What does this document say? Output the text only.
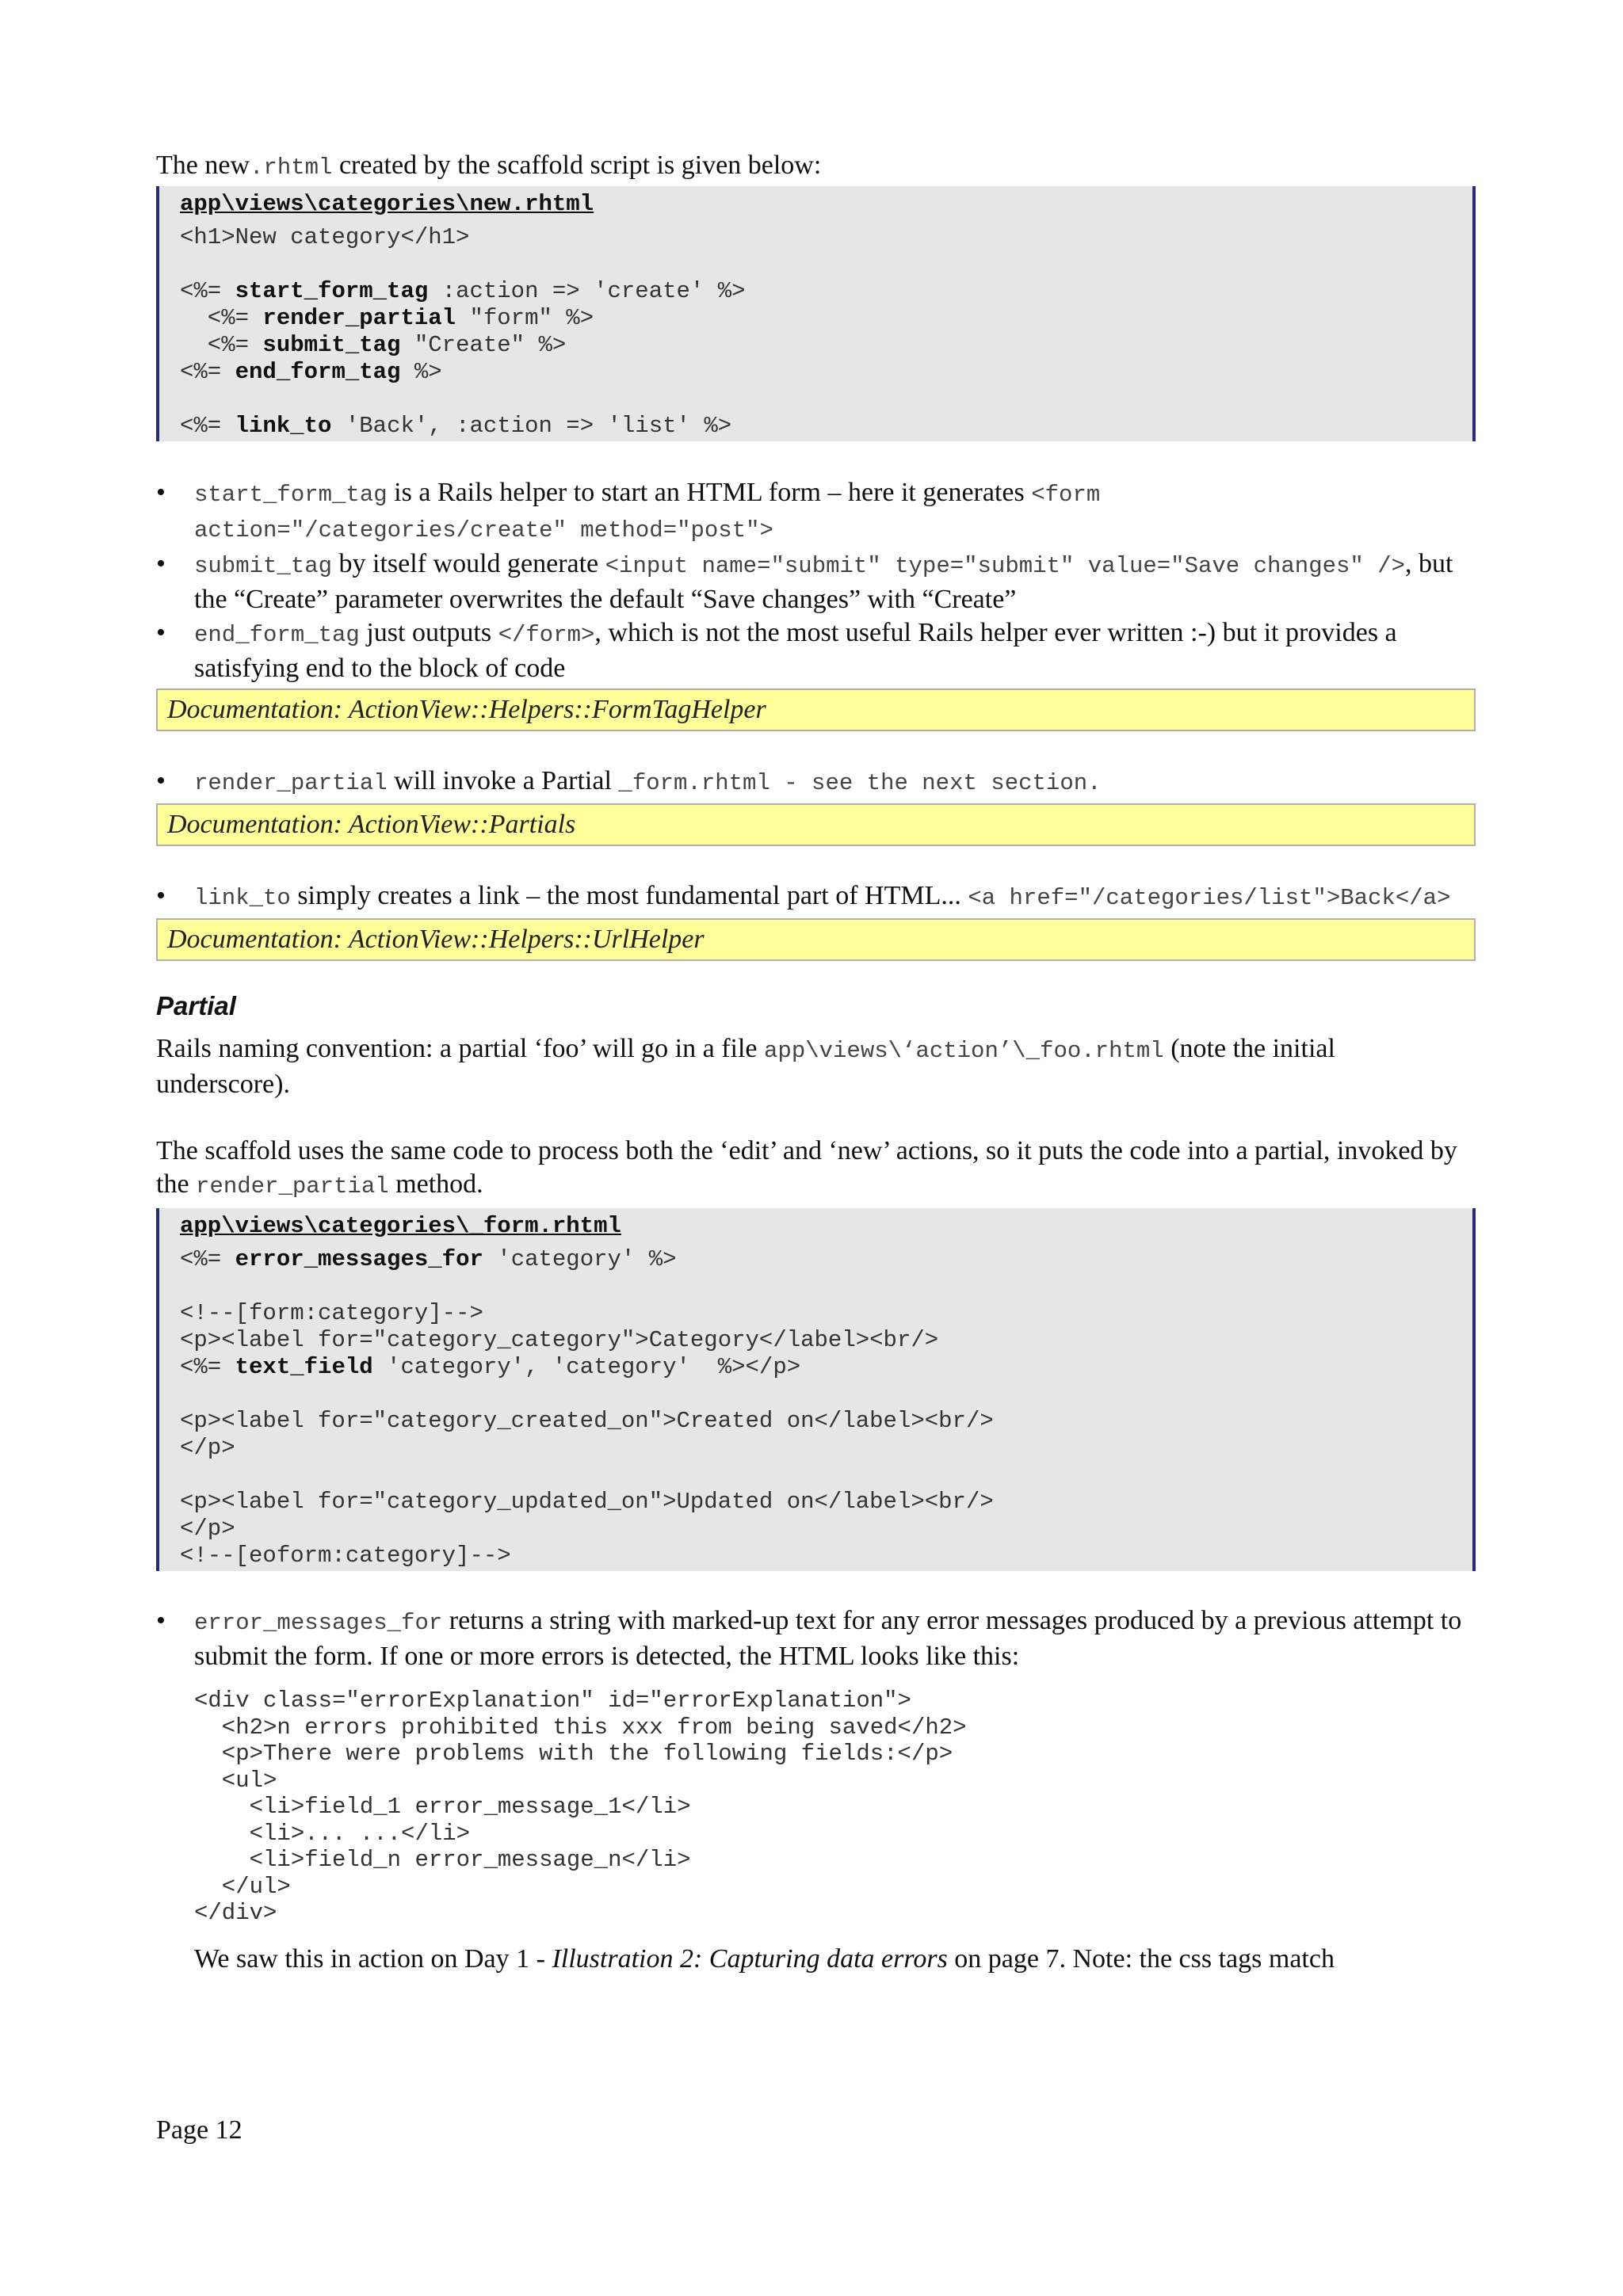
The new.rhtml created by the scaffold script is given below:

app\views\categories\new.rhtml
<h1>New category</h1>

<%= start_form_tag :action => 'create' %>
<%= render_partial "form" %>
<%= submit_tag "Create" %>
<%= end_form_tag %>

<%= link_to 'Back', :action => 'list' %>
• start_form_tag is a Rails helper to start an HTML form – here it generates <form action="/categories/create" method="post">
• submit_tag by itself would generate <input name="submit" type="submit" value="Save changes" />, but the “Create” parameter overwrites the default “Save changes” with “Create”
• end_form_tag just outputs </form>, which is not the most useful Rails helper ever written :-) but it provides a satisfying end to the block of code
Documentation: ActionView::Helpers::FormTagHelper
• render_partial will invoke a Partial _form.rhtml - see the next section.
Documentation: ActionView::Partials
• link_to simply creates a link – the most fundamental part of HTML... <a href="/categories/list">Back</a>
Documentation: ActionView::Helpers::UrlHelper
Partial

Rails naming convention: a partial ‘foo’ will go in a file app\views\‘action’\_foo.rhtml (note the initial underscore).

The scaffold uses the same code to process both the ‘edit’ and ‘new’ actions, so it puts the code into a partial, invoked by the render_partial method.

app\views\categories\_form.rhtml
<%= error_messages_for 'category' %>

<!--[form:category]-->
<p><label for="category_category">Category</label><br/>
<%= text_field 'category', 'category'  %></p>

<p><label for="category_created_on">Created on</label><br/>
</p>

<p><label for="category_updated_on">Updated on</label><br/>
</p>
<!--[eoform:category]-->
• error_messages_for returns a string with marked-up text for any error messages produced by a previous attempt to submit the form. If one or more errors is detected, the HTML looks like this:
<div class="errorExplanation" id="errorExplanation">
<h2>n errors prohibited this xxx from being saved</h2>
<p>There were problems with the following fields:</p>
<ul>
<li>field_1 error_message_1</li>
<li>... ...</li>
<li>field_n error_message_n</li>
</ul>
</div>

We saw this in action on Day 1 - Illustration 2: Capturing data errors on page 7. Note: the css tags match

Page 12
